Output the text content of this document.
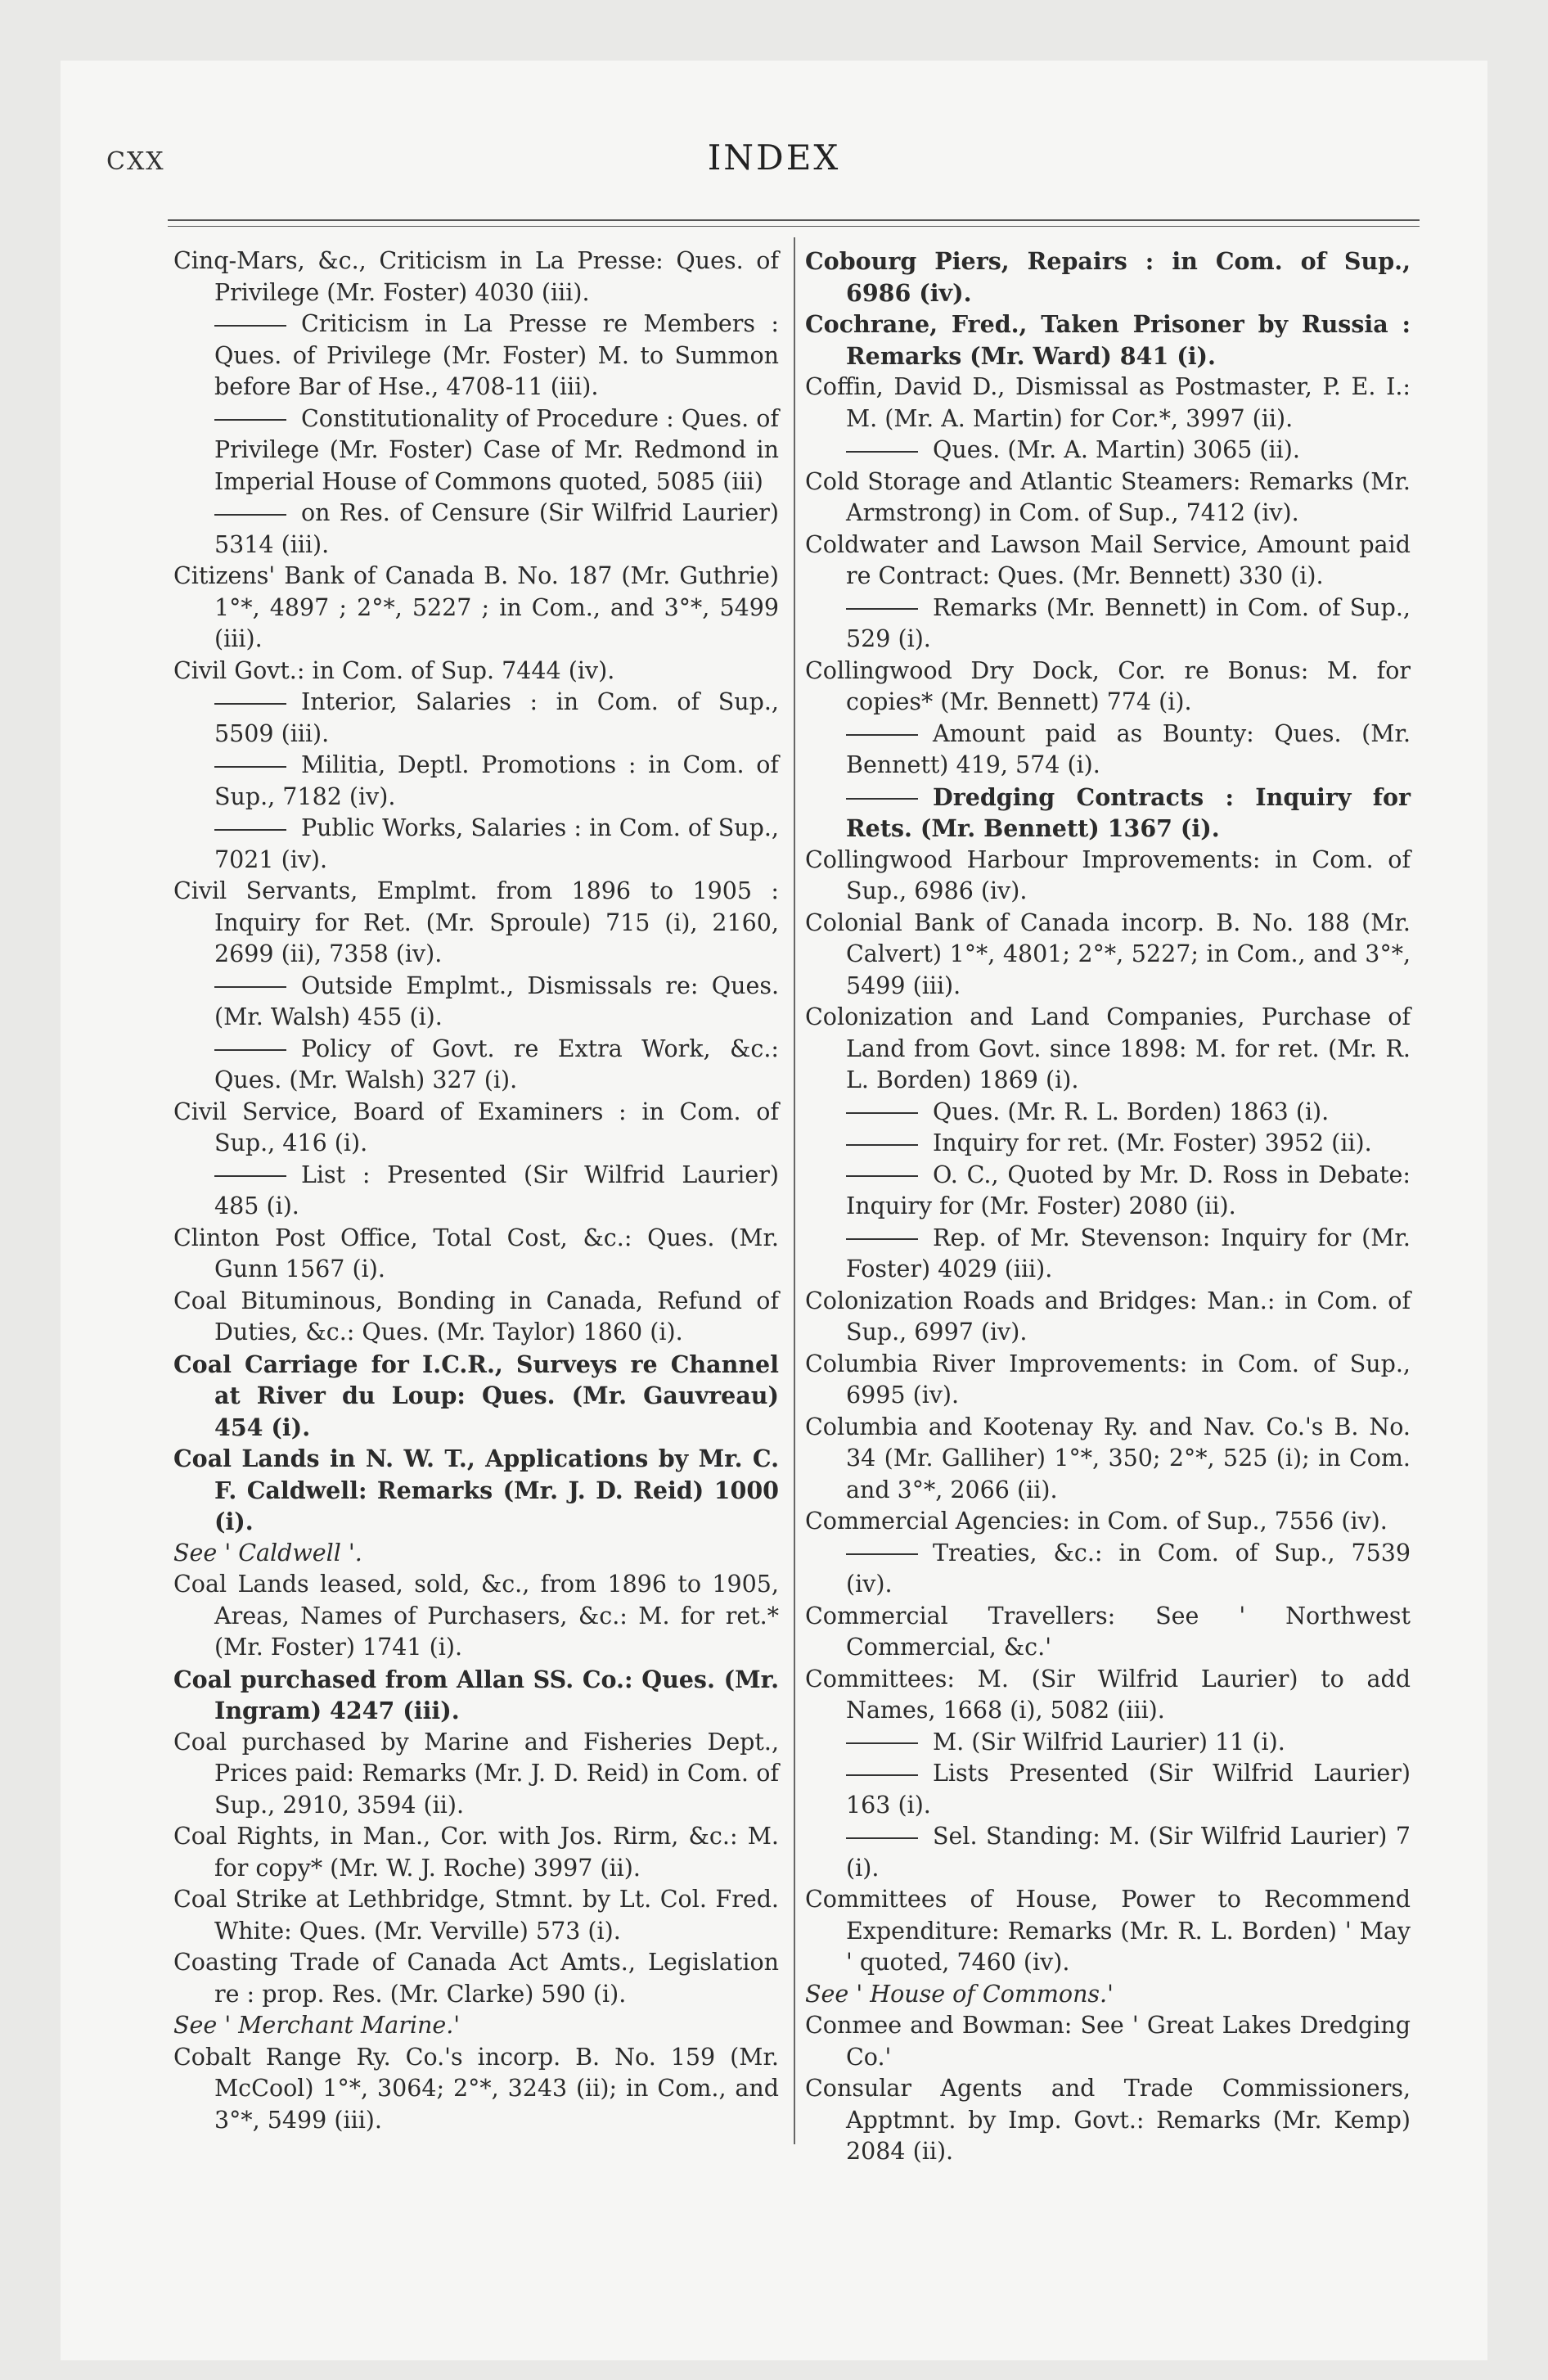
CXX	INDEX

Cinq-Mars, &c., Criticism in La Presse: Ques. of Privilege (Mr. Foster) 4030 (iii).

Criticism in La Presse re Members : Ques. of Privilege (Mr. Foster) M. to Summon before Bar of Hse., 4708-11 (iii).

Constitutionality of Procedure : Ques. of Privilege (Mr. Foster) Case of Mr. Redmond in Imperial House of Commons quoted, 5085 (iii)

on Res. of Censure (Sir Wilfrid Laurier) 5314 (iii).

Citizens' Bank of Canada B. No. 187 (Mr. Guthrie) 1°*, 4897 ; 2°*, 5227 ; in Com., and 3°*, 5499 (iii).

Civil Govt.: in Com. of Sup. 7444 (iv).

Interior, Salaries : in Com. of Sup., 5509 (iii).

Militia, Deptl. Promotions : in Com. of Sup., 7182 (iv).

Public Works, Salaries : in Com. of Sup., 7021 (iv).

Civil Servants, Emplmt. from 1896 to 1905 : Inquiry for Ret. (Mr. Sproule) 715 (i), 2160, 2699 (ii), 7358 (iv).

Outside Emplmt., Dismissals re: Ques. (Mr. Walsh) 455 (i).

Policy of Govt. re Extra Work, &c.: Ques. (Mr. Walsh) 327 (i).

Civil Service, Board of Examiners : in Com. of Sup., 416 (i).

List : Presented (Sir Wilfrid Laurier) 485 (i).

Clinton Post Office, Total Cost, &c.: Ques. (Mr. Gunn 1567 (i).

Coal Bituminous, Bonding in Canada, Refund of Duties, &c.: Ques. (Mr. Taylor) 1860 (i).

Coal Carriage for I.C.R., Surveys re Channel at River du Loup: Ques. (Mr. Gauvreau) 454 (i).

Coal Lands in N. W. T., Applications by Mr. C. F. Caldwell: Remarks (Mr. J. D. Reid) 1000 (i).

See ' Caldwell '.

Coal Lands leased, sold, &c., from 1896 to 1905, Areas, Names of Purchasers, &c.: M. for ret.* (Mr. Foster) 1741 (i).

Coal purchased from Allan SS. Co.: Ques. (Mr. Ingram) 4247 (iii).

Coal purchased by Marine and Fisheries Dept., Prices paid: Remarks (Mr. J. D. Reid) in Com. of Sup., 2910, 3594 (ii).

Coal Rights, in Man., Cor. with Jos. Rirm, &c.: M. for copy* (Mr. W. J. Roche) 3997 (ii).

Coal Strike at Lethbridge, Stmnt. by Lt. Col. Fred. White: Ques. (Mr. Verville) 573 (i).

Coasting Trade of Canada Act Amts., Legislation re : prop. Res. (Mr. Clarke) 590 (i).

See ' Merchant Marine.'

Cobalt Range Ry. Co.'s incorp. B. No. 159 (Mr. McCool) 1°*, 3064; 2°*, 3243 (ii); in Com., and 3°*, 5499 (iii).

Cobourg Piers, Repairs : in Com. of Sup., 6986 (iv).

Cochrane, Fred., Taken Prisoner by Russia : Remarks (Mr. Ward) 841 (i).

Coffin, David D., Dismissal as Postmaster, P. E. I.: M. (Mr. A. Martin) for Cor.*, 3997 (ii).

Ques. (Mr. A. Martin) 3065 (ii).

Cold Storage and Atlantic Steamers: Remarks (Mr. Armstrong) in Com. of Sup., 7412 (iv).

Coldwater and Lawson Mail Service, Amount paid re Contract: Ques. (Mr. Bennett) 330 (i).

Remarks (Mr. Bennett) in Com. of Sup., 529 (i).

Collingwood Dry Dock, Cor. re Bonus: M. for copies* (Mr. Bennett) 774 (i).

Amount paid as Bounty: Ques. (Mr. Bennett) 419, 574 (i).

Dredging Contracts : Inquiry for Rets. (Mr. Bennett) 1367 (i).

Collingwood Harbour Improvements: in Com. of Sup., 6986 (iv).

Colonial Bank of Canada incorp. B. No. 188 (Mr. Calvert) 1°*, 4801; 2°*, 5227; in Com., and 3°*, 5499 (iii).

Colonization and Land Companies, Purchase of Land from Govt. since 1898: M. for ret. (Mr. R. L. Borden) 1869 (i).

Ques. (Mr. R. L. Borden) 1863 (i).

Inquiry for ret. (Mr. Foster) 3952 (ii).

O. C., Quoted by Mr. D. Ross in Debate: Inquiry for (Mr. Foster) 2080 (ii).

Rep. of Mr. Stevenson: Inquiry for (Mr. Foster) 4029 (iii).

Colonization Roads and Bridges: Man.: in Com. of Sup., 6997 (iv).

Columbia River Improvements: in Com. of Sup., 6995 (iv).

Columbia and Kootenay Ry. and Nav. Co.'s B. No. 34 (Mr. Galliher) 1°*, 350; 2°*, 525 (i); in Com. and 3°*, 2066 (ii).

Commercial Agencies: in Com. of Sup., 7556 (iv).

Treaties, &c.: in Com. of Sup., 7539 (iv).

Commercial Travellers: See ' Northwest Commercial, &c.'

Committees: M. (Sir Wilfrid Laurier) to add Names, 1668 (i), 5082 (iii).

M. (Sir Wilfrid Laurier) 11 (i).

Lists Presented (Sir Wilfrid Laurier) 163 (i).

Sel. Standing: M. (Sir Wilfrid Laurier) 7 (i).

Committees of House, Power to Recommend Expenditure: Remarks (Mr. R. L. Borden) ' May ' quoted, 7460 (iv).

See ' House of Commons.'

Conmee and Bowman: See ' Great Lakes Dredging Co.'

Consular Agents and Trade Commissioners, Apptmnt. by Imp. Govt.: Remarks (Mr. Kemp) 2084 (ii).
